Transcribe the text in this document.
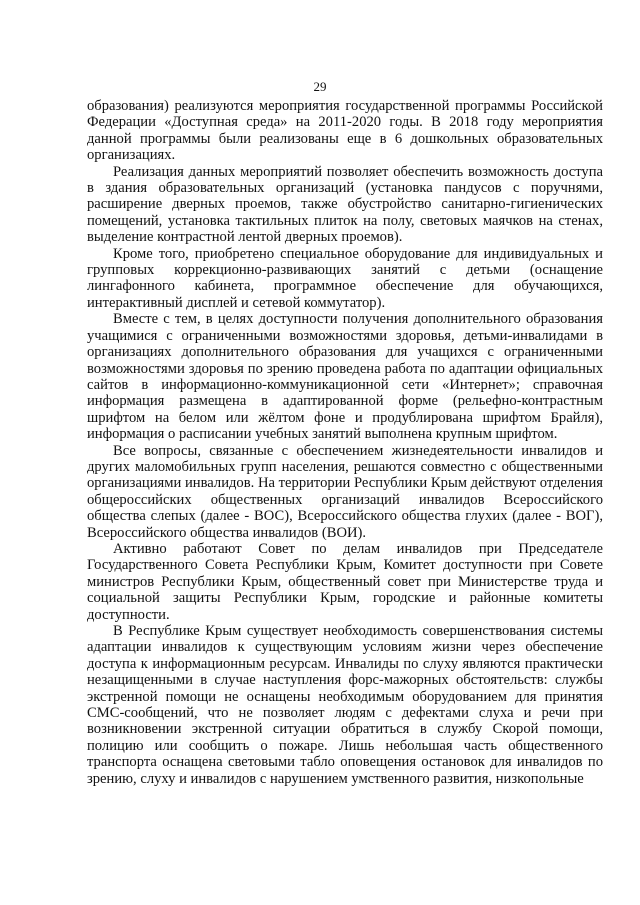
29

образования) реализуются мероприятия государственной программы Российской Федерации «Доступная среда» на 2011-2020 годы. В 2018 году мероприятия данной программы были реализованы еще в 6 дошкольных образовательных организациях.

Реализация данных мероприятий позволяет обеспечить возможность доступа в здания образовательных организаций (установка пандусов с поручнями, расширение дверных проемов, также обустройство санитарно-гигиенических помещений, установка тактильных плиток на полу, световых маячков на стенах, выделение контрастной лентой дверных проемов).

Кроме того, приобретено специальное оборудование для индивидуальных и групповых коррекционно-развивающих занятий с детьми (оснащение лингафонного кабинета, программное обеспечение для обучающихся, интерактивный дисплей и сетевой коммутатор).

Вместе с тем, в целях доступности получения дополнительного образования учащимися с ограниченными возможностями здоровья, детьми-инвалидами в организациях дополнительного образования для учащихся с ограниченными возможностями здоровья по зрению проведена работа по адаптации официальных сайтов в информационно-коммуникационной сети «Интернет»; справочная информация размещена в адаптированной форме (рельефно-контрастным шрифтом на белом или жёлтом фоне и продублирована шрифтом Брайля), информация о расписании учебных занятий выполнена крупным шрифтом.

Все вопросы, связанные с обеспечением жизнедеятельности инвалидов и других маломобильных групп населения, решаются совместно с общественными организациями инвалидов. На территории Республики Крым действуют отделения общероссийских общественных организаций инвалидов Всероссийского общества слепых (далее - ВОС), Всероссийского общества глухих (далее - ВОГ), Всероссийского общества инвалидов (ВОИ).

Активно работают Совет по делам инвалидов при Председателе Государственного Совета Республики Крым, Комитет доступности при Совете министров Республики Крым, общественный совет при Министерстве труда и социальной защиты Республики Крым, городские и районные комитеты доступности.

В Республике Крым существует необходимость совершенствования системы адаптации инвалидов к существующим условиям жизни через обеспечение доступа к информационным ресурсам. Инвалиды по слуху являются практически незащищенными в случае наступления форс-мажорных обстоятельств: службы экстренной помощи не оснащены необходимым оборудованием для принятия СМС-сообщений, что не позволяет людям с дефектами слуха и речи при возникновении экстренной ситуации обратиться в службу Скорой помощи, полицию или сообщить о пожаре. Лишь небольшая часть общественного транспорта оснащена световыми табло оповещения остановок для инвалидов по зрению, слуху и инвалидов с нарушением умственного развития, низкопольные
